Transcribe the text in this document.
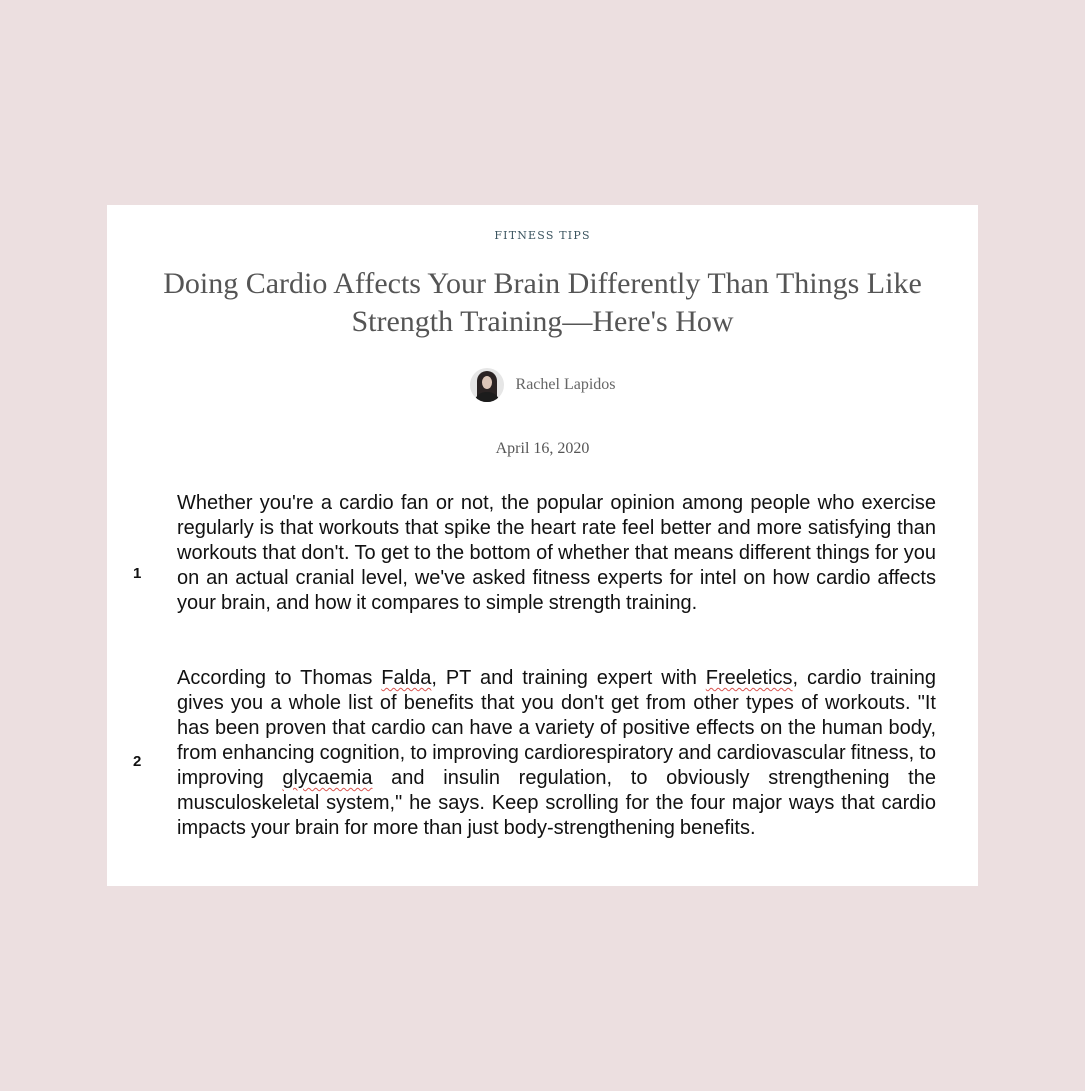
FITNESS TIPS
Doing Cardio Affects Your Brain Differently Than Things Like Strength Training—Here's How
Rachel Lapidos
April 16, 2020
1

Whether you're a cardio fan or not, the popular opinion among people who exercise regularly is that workouts that spike the heart rate feel better and more satisfying than workouts that don't. To get to the bottom of whether that means different things for you on an actual cranial level, we've asked fitness experts for intel on how cardio affects your brain, and how it compares to simple strength training.

2

According to Thomas Falda, PT and training expert with Freeletics, cardio training gives you a whole list of benefits that you don't get from other types of workouts. "It has been proven that cardio can have a variety of positive effects on the human body, from enhancing cognition, to improving cardiorespiratory and cardiovascular fitness, to improving glycaemia and insulin regulation, to obviously strengthening the musculoskeletal system," he says. Keep scrolling for the four major ways that cardio impacts your brain for more than just body-strengthening benefits.
